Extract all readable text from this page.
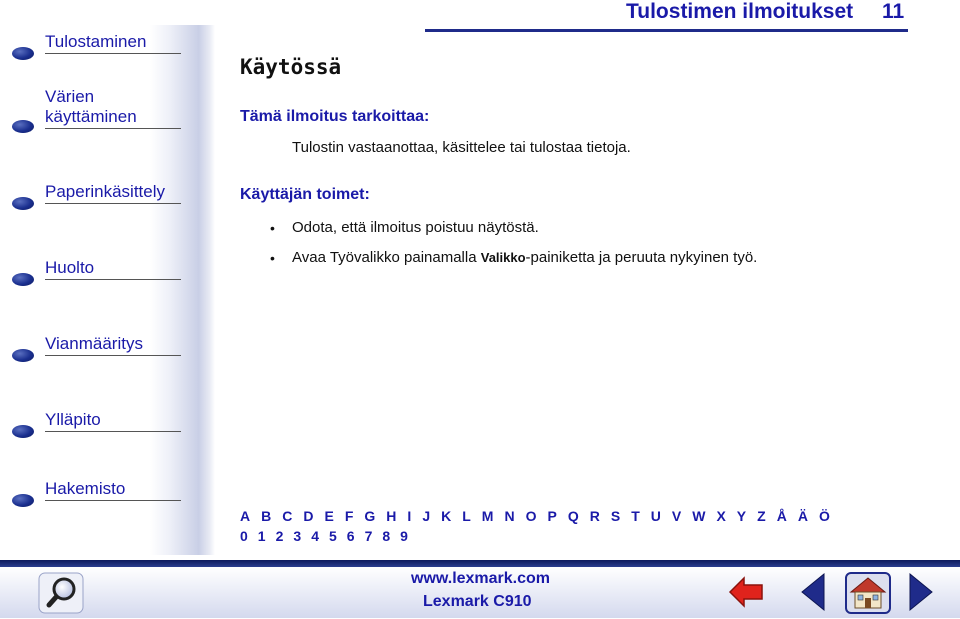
Tulostaminen
Värien
käyttäminen
Paperinkäsittely
Huolto
Vianmääritys
Ylläpito
Hakemisto
Tulostimen ilmoitukset 11
Käytössä
Tämä ilmoitus tarkoittaa:
Tulostin vastaanottaa, käsittelee tai tulostaa tietoja.
Käyttäjän toimet:
• Odota, että ilmoitus poistuu näytöstä.
• Avaa Työvalikko painamalla Valikko-painiketta ja peruuta nykyinen työ.
A B C D E F G H I J K L M N O P Q R S T U V W X Y Z Å Ä Ö
0 1 2 3 4 5 6 7 8 9
www.lexmark.com
Lexmark C910
